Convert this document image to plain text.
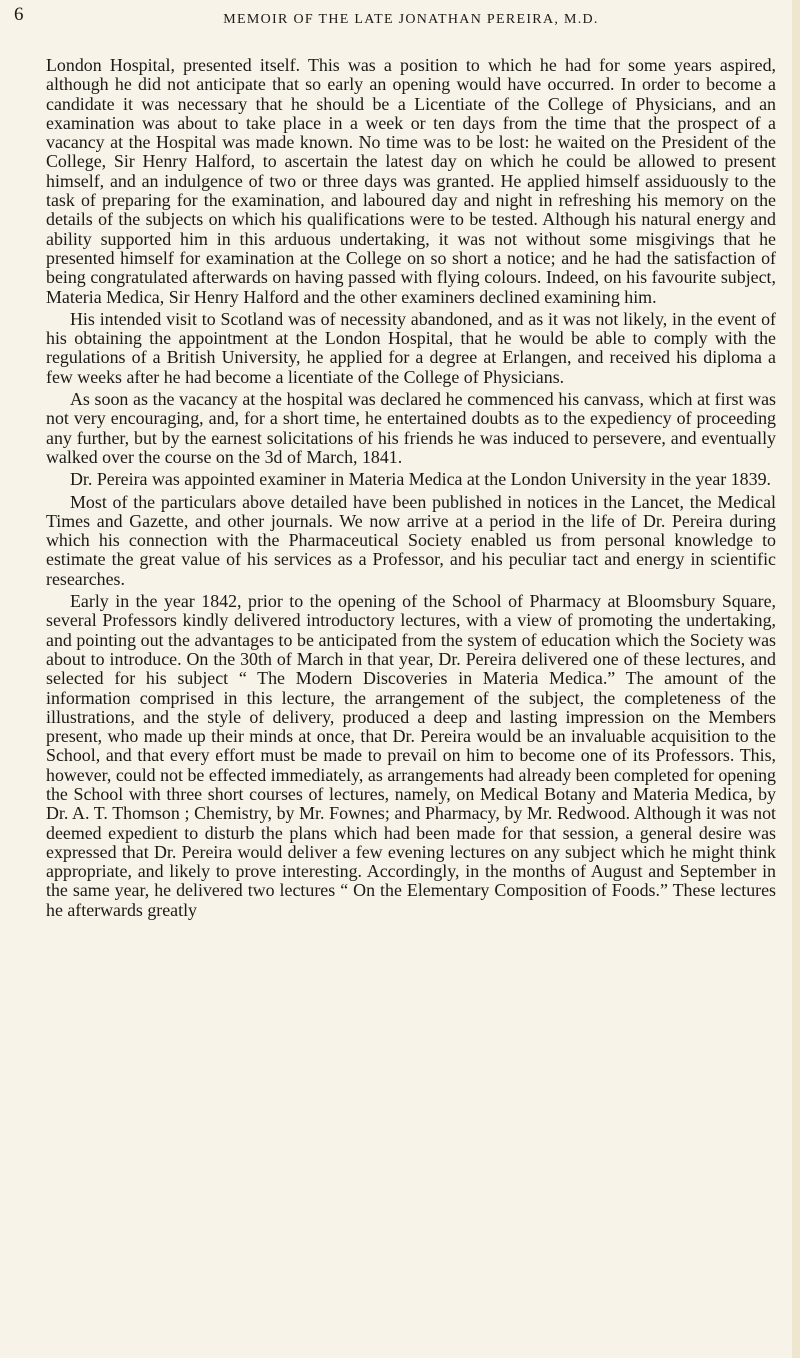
6	MEMOIR OF THE LATE JONATHAN PEREIRA, M.D.

London Hospital, presented itself. This was a position to which he had for some years aspired, although he did not anticipate that so early an opening would have occurred. In order to become a candidate it was necessary that he should be a Licentiate of the College of Physicians, and an examination was about to take place in a week or ten days from the time that the prospect of a vacancy at the Hospital was made known. No time was to be lost: he waited on the President of the College, Sir Henry Halford, to ascertain the latest day on which he could be allowed to present himself, and an indulgence of two or three days was granted. He applied himself assiduously to the task of preparing for the examination, and laboured day and night in refreshing his memory on the details of the subjects on which his qualifications were to be tested. Although his natural energy and ability supported him in this arduous undertaking, it was not without some misgivings that he presented himself for examination at the College on so short a notice; and he had the satisfaction of being congratulated afterwards on having passed with flying colours. Indeed, on his favourite subject, Materia Medica, Sir Henry Halford and the other examiners declined examining him.

His intended visit to Scotland was of necessity abandoned, and as it was not likely, in the event of his obtaining the appointment at the London Hospital, that he would be able to comply with the regulations of a British University, he applied for a degree at Erlangen, and received his diploma a few weeks after he had become a licentiate of the College of Physicians.

As soon as the vacancy at the hospital was declared he commenced his canvass, which at first was not very encouraging, and, for a short time, he entertained doubts as to the expediency of proceeding any further, but by the earnest solicitations of his friends he was induced to persevere, and eventually walked over the course on the 3d of March, 1841.

Dr. Pereira was appointed examiner in Materia Medica at the London University in the year 1839.

Most of the particulars above detailed have been published in notices in the Lancet, the Medical Times and Gazette, and other journals. We now arrive at a period in the life of Dr. Pereira during which his connection with the Pharmaceutical Society enabled us from personal knowledge to estimate the great value of his services as a Professor, and his peculiar tact and energy in scientific researches.

Early in the year 1842, prior to the opening of the School of Pharmacy at Bloomsbury Square, several Professors kindly delivered introductory lectures, with a view of promoting the undertaking, and pointing out the advantages to be anticipated from the system of education which the Society was about to introduce. On the 30th of March in that year, Dr. Pereira delivered one of these lectures, and selected for his subject “ The Modern Discoveries in Materia Medica.” The amount of the information comprised in this lecture, the arrangement of the subject, the completeness of the illustrations, and the style of delivery, produced a deep and lasting impression on the Members present, who made up their minds at once, that Dr. Pereira would be an invaluable acquisition to the School, and that every effort must be made to prevail on him to become one of its Professors. This, however, could not be effected immediately, as arrangements had already been completed for opening the School with three short courses of lectures, namely, on Medical Botany and Materia Medica, by Dr. A. T. Thomson ; Chemistry, by Mr. Fownes; and Pharmacy, by Mr. Redwood. Although it was not deemed expedient to disturb the plans which had been made for that session, a general desire was expressed that Dr. Pereira would deliver a few evening lectures on any subject which he might think appropriate, and likely to prove interesting. Accordingly, in the months of August and September in the same year, he delivered two lectures “ On the Elementary Composition of Foods.” These lectures he afterwards greatly
